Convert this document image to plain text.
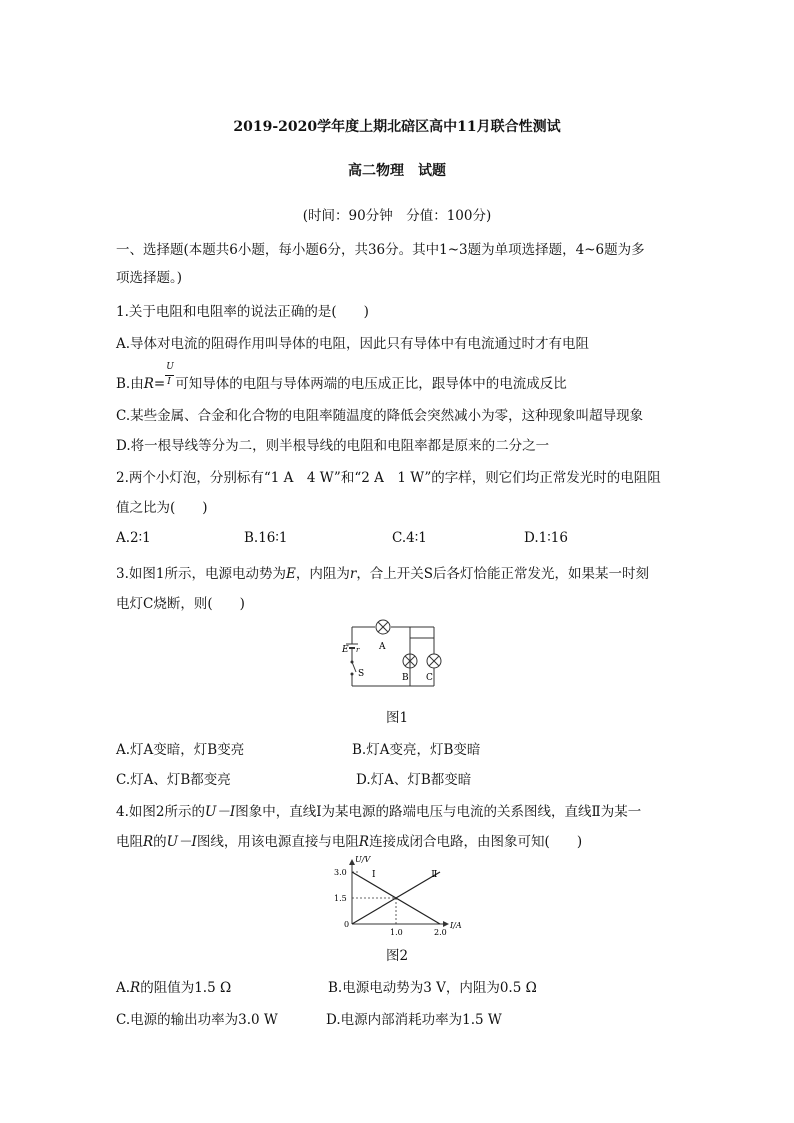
2019-2020学年度上期北碚区高中11月联合性测试
高二物理　试题
(时间：90分钟　分值：100分)
一、选择题(本题共6小题，每小题6分，共36分。其中1~3题为单项选择题，4~6题为多
项选择题。)
1.关于电阻和电阻率的说法正确的是(　　)
A.导体对电流的阻碍作用叫导体的电阻，因此只有导体中有电流通过时才有电阻
B.由$R= \frac{U}{I}$ 可知导体的电阻与导体两端的电压成正比，跟导体中的电流成反比
C.某些金属、合金和化合物的电阻率随温度的降低会突然减小为零，这种现象叫超导现象
D.将一根导线等分为二，则半根导线的电阻和电阻率都是原来的二分之一
2.两个小灯泡，分别标有“1 A　4 W”和“2 A　1 W”的字样，则它们均正常发光时的电阻阻
值之比为(　　)
A.2∶1	B.16∶1	C.4∶1	D.1∶16
3.如图1所示，电源电动势为E，内阻为r，合上开关S后各灯恰能正常发光，如果某一时刻
电灯C烧断，则(　　)
A
B C
E r
S
图1
A.灯A变暗，灯B变亮	B.灯A变亮，灯B变暗
C.灯A、灯B都变亮	D.灯A、灯B都变暗
4.如图2所示的U－I图象中，直线Ⅰ为某电源的路端电压与电流的关系图线，直线Ⅱ为某一
电阻R的U－I图线，用该电源直接与电阻R连接成闭合电路，由图象可知(　　)
Ⅰ	Ⅱ
3.0
1.5
0
1.0	2.0
I/A
U/V
图2
A.R的阻值为1.5 Ω	B.电源电动势为3 V，内阻为0.5 Ω
C.电源的输出功率为3.0 W	D.电源内部消耗功率为1.5 W
